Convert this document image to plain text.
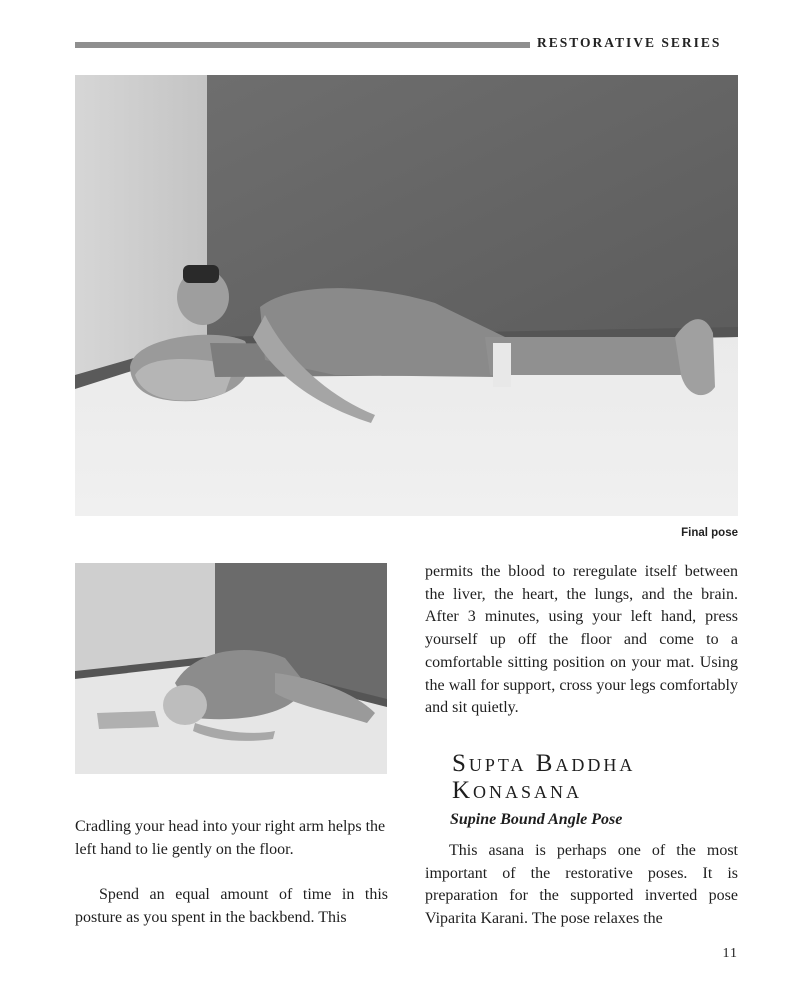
RESTORATIVE SERIES
Final pose

permits the blood to reregulate itself between the liver, the heart, the lungs, and the brain. After 3 minutes, using your left hand, press yourself up off the floor and come to a comfortable sitting position on your mat. Using the wall for support, cross your legs comfortably and sit quietly.

Supta Baddha
Konasana
Supine Bound Angle Pose

Cradling your head into your right arm helps the left hand to lie gently on the floor.

Spend an equal amount of time in this posture as you spent in the backbend. This

This asana is perhaps one of the most important of the restorative poses. It is preparation for the supported inverted pose Viparita Karani. The pose relaxes the

11
